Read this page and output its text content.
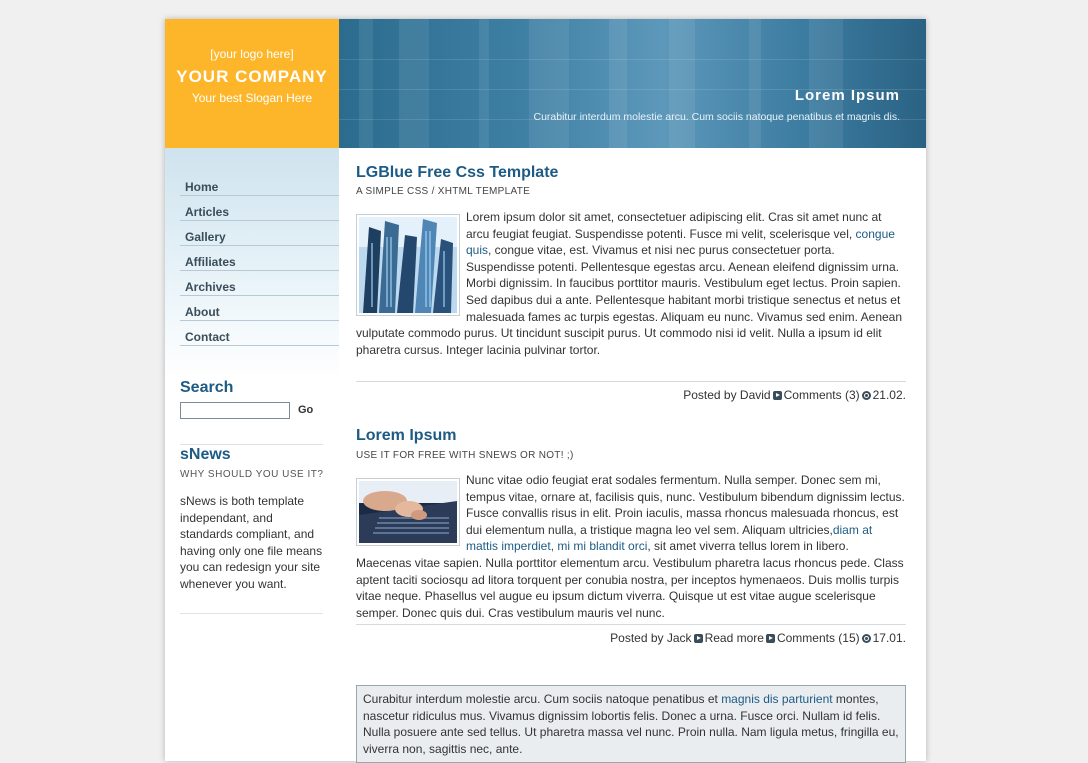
[your logo here]
YOUR COMPANY
Your best Slogan Here	Lorem Ipsum
Curabitur interdum molestie arcu. Cum sociis natoque penatibus et magnis dis.
Home
Articles
Gallery
Affiliates
Archives
About
Contact
Search
Go
sNews
WHY SHOULD YOU USE IT?

sNews is both template independant, and standards compliant, and having only one file means you can redesign your site whenever you want.

LGBlue Free Css Template
A SIMPLE CSS / XHTML TEMPLATE
Lorem ipsum dolor sit amet, consectetuer adipiscing elit. Cras sit amet nunc at arcu feugiat feugiat. Suspendisse potenti. Fusce mi velit, scelerisque vel, congue quis, congue vitae, est. Vivamus et nisi nec purus consectetuer porta. Suspendisse potenti. Pellentesque egestas arcu. Aenean eleifend dignissim urna. Morbi dignissim. In faucibus porttitor mauris. Vestibulum eget lectus. Proin sapien. Sed dapibus dui a ante. Pellentesque habitant morbi tristique senectus et netus et malesuada fames ac turpis egestas. Aliquam eu nunc. Vivamus sed enim. Aenean vulputate commodo purus. Ut tincidunt suscipit purus. Ut commodo nisi id velit. Nulla a ipsum id elit pharetra cursus. Integer lacinia pulvinar tortor.
Posted by David Comments (3) 21.02.
Lorem Ipsum
USE IT FOR FREE WITH SNEWS OR NOT! ;)
Nunc vitae odio feugiat erat sodales fermentum. Nulla semper. Donec sem mi, tempus vitae, ornare at, facilisis quis, nunc. Vestibulum bibendum dignissim lectus. Fusce convallis risus in elit. Proin iaculis, massa rhoncus malesuada rhoncus, est dui elementum nulla, a tristique magna leo vel sem. Aliquam ultricies,diam at mattis imperdiet, mi mi blandit orci, sit amet viverra tellus lorem in libero. Maecenas vitae sapien. Nulla porttitor elementum arcu. Vestibulum pharetra lacus rhoncus pede. Class aptent taciti sociosqu ad litora torquent per conubia nostra, per inceptos hymenaeos. Duis mollis turpis vitae neque. Phasellus vel augue eu ipsum dictum viverra. Quisque ut est vitae augue scelerisque semper. Donec quis dui. Cras vestibulum mauris vel nunc.
Posted by Jack Read more Comments (15) 17.01.
Curabitur interdum molestie arcu. Cum sociis natoque penatibus et magnis dis parturient montes, nascetur ridiculus mus. Vivamus dignissim lobortis felis. Donec a urna. Fusce orci. Nullam id felis. Nulla posuere ante sed tellus. Ut pharetra massa vel nunc. Proin nulla. Nam ligula metus, fringilla eu, viverra non, sagittis nec, ante.
